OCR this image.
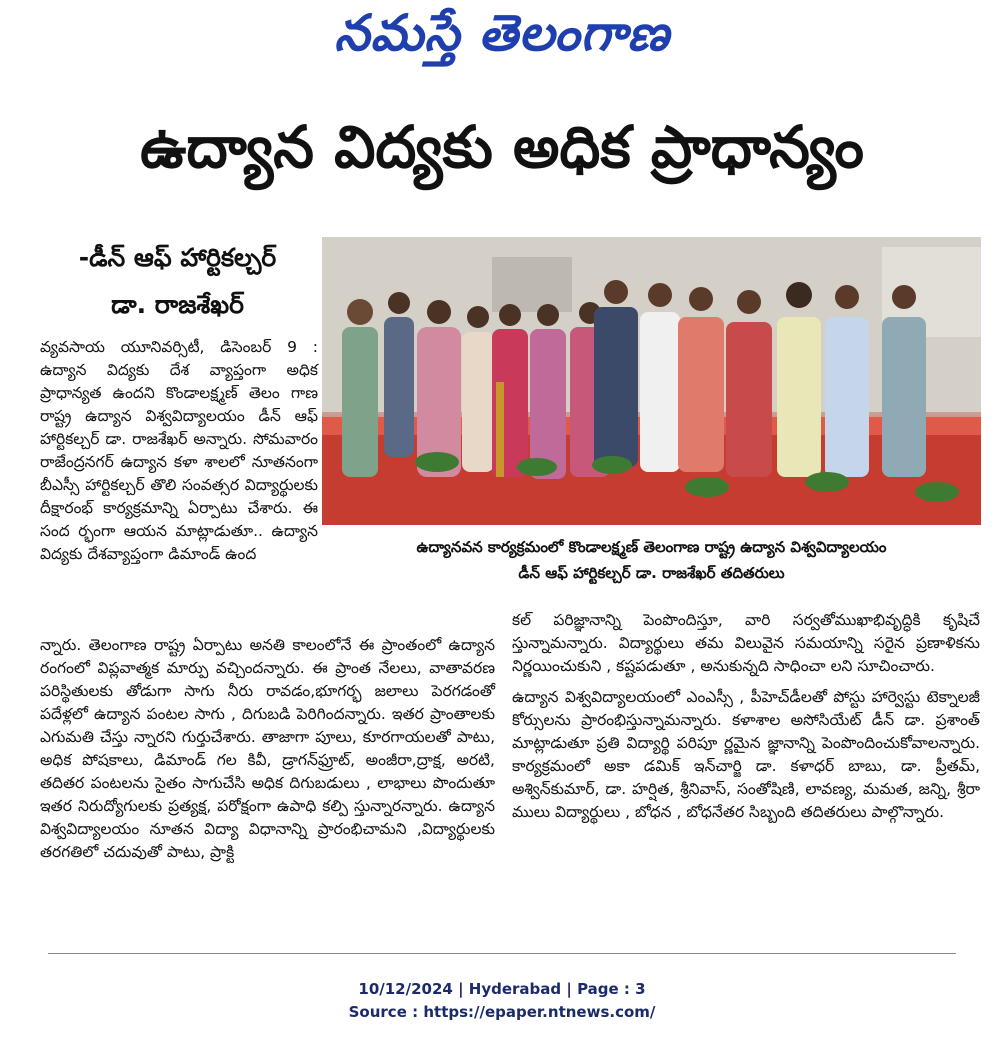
నమస్తే తెలంగాణ
ఉద్యాన విద్యకు అధిక ప్రాధాన్యం
-డీన్ ఆఫ్ హార్టికల్చర్
డా. రాజశేఖర్

వ్యవసాయ యూనివర్సిటీ, డిసెంబర్ 9 : ఉద్యాన విద్యకు దేశ వ్యాప్తంగా అధిక ప్రాధాన్యత ఉందని కొండాలక్ష్మణ్ తెలం గాణ రాష్ట్ర ఉద్యాన విశ్వవిద్యాలయం డీన్ ఆఫ్ హార్టికల్చర్ డా. రాజశేఖర్ అన్నారు. సోమవారం రాజేంద్రనగర్ ఉద్యాన కళా శాలలో నూతనంగా బీఎస్సీ హార్టికల్చర్ తొలి సంవత్సర విద్యార్థులకు దీక్షారంభ్ కార్యక్రమాన్ని ఏర్పాటు చేశారు. ఈ సంద ర్భంగా ఆయన మాట్లాడుతూ.. ఉద్యాన విద్యకు దేశవ్యాప్తంగా డిమాండ్ ఉంద	ఉద్యానవన కార్యక్రమంలో కొండాలక్ష్మణ్ తెలంగాణ రాష్ట్ర ఉద్యాన విశ్వవిద్యాలయం
డీన్ ఆఫ్ హార్టికల్చర్ డా. రాజశేఖర్ తదితరులు

న్నారు. తెలంగాణ రాష్ట్ర ఏర్పాటు అనతి కాలంలోనే ఈ ప్రాంతంలో ఉద్యాన రంగంలో విప్లవాత్మక మార్పు వచ్చిందన్నారు. ఈ ప్రాంత నేలలు, వాతావరణ పరిస్థితులకు తోడుగా సాగు నీరు రావడం,భూగర్భ జలాలు పెరగడంతో పదేళ్లలో ఉద్యాన పంటల సాగు , దిగుబడి పెరిగిందన్నారు. ఇతర ప్రాంతాలకు ఎగుమతి చేస్తు న్నారని గుర్తుచేశారు. తాజాగా పూలు, కూరగాయలతో పాటు, అధిక పోషకాలు, డిమాండ్ గల కివీ, డ్రాగన్‌ఫ్రూట్, అంజీరా,ద్రాక్ష, అరటి, తదితర పంటలను సైతం సాగుచేసి అధిక దిగుబడులు , లాభాలు పొందుతూ ఇతర నిరుద్యోగులకు ప్రత్యక్ష, పరోక్షంగా ఉపాధి కల్పి స్తున్నారన్నారు. ఉద్యాన విశ్వవిద్యాలయం నూతన విద్యా విధానాన్ని ప్రారంభిచామని ,విద్యార్థులకు తరగతిలో చదువుతో పాటు, ప్రాక్టి

కల్ పరిజ్ఞానాన్ని పెంపొందిస్తూ, వారి సర్వతోముఖాభివృద్ధికి కృషిచే స్తున్నామన్నారు. విద్యార్థులు తమ విలువైన సమయాన్ని సరైన ప్రణాళికను నిర్ణయించుకుని , కష్టపడుతూ , అనుకున్నది సాధించా లని సూచించారు.

ఉద్యాన విశ్వవిద్యాలయంలో ఎంఎస్సీ , పీహెచ్‌డీలతో పోస్టు హార్వెస్టు టెక్నాలజీ కోర్సులను ప్రారంభిస్తున్నామన్నారు. కళాశాల అసోసియేట్ డీన్ డా. ప్రశాంత్ మాట్లాడుతూ ప్రతి విద్యార్థి పరిపూ ర్ణమైన జ్ఞానాన్ని పెంపొందించుకోవాలన్నారు. కార్యక్రమంలో అకా డమిక్ ఇన్‌చార్జి డా. కళాధర్ బాబు, డా. ప్రీతమ్, అశ్విన్‌కుమార్, డా. హర్షిత, శ్రీనివాస్, సంతోషిణి, లావణ్య, మమత, జన్ని, శ్రీరా ములు విద్యార్థులు , బోధన , బోధనేతర సిబ్బంది తదితరులు పాల్గొన్నారు.

10/12/2024 | Hyderabad | Page : 3
Source : https://epaper.ntnews.com/
